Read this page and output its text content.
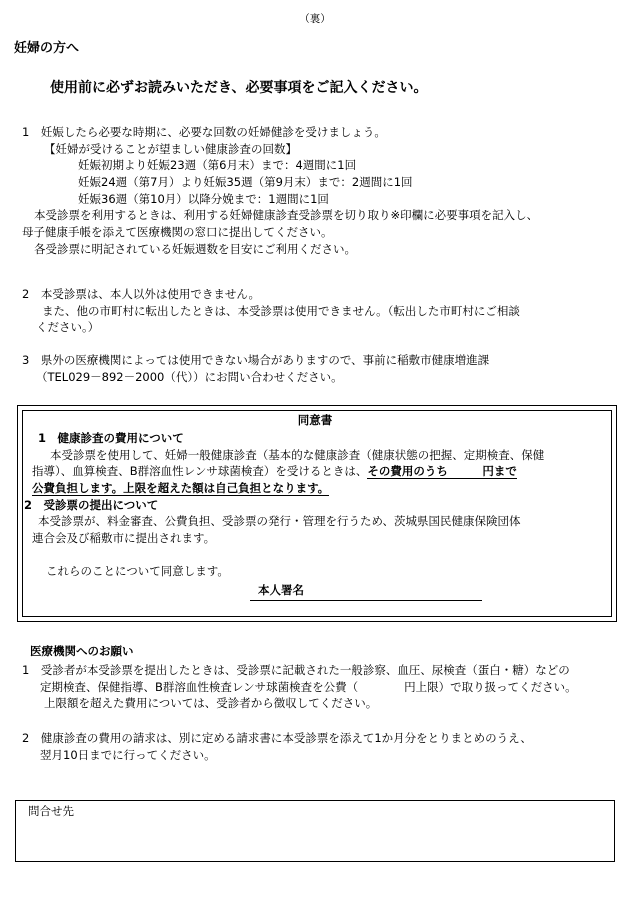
（裏）
妊婦の方へ
使用前に必ずお読みいただき、必要事項をご記入ください。

1　妊娠したら必要な時期に、必要な回数の妊婦健診を受けましょう。

【妊婦が受けることが望ましい健康診査の回数】

妊娠初期より妊娠23週（第6月末）まで：4週間に1回

妊娠24週（第7月）より妊娠35週（第9月末）まで：2週間に1回

妊娠36週（第10月）以降分娩まで：1週間に1回

本受診票を利用するときは、利用する妊婦健康診査受診票を切り取り※印欄に必要事項を記入し、

母子健康手帳を添えて医療機関の窓口に提出してください。

各受診票に明記されている妊娠週数を目安にご利用ください。

2　本受診票は、本人以外は使用できません。

また、他の市町村に転出したときは、本受診票は使用できません。（転出した市町村にご相談

ください。）

3　県外の医療機関によっては使用できない場合がありますので、事前に稲敷市健康増進課

（TEL029－892－2000（代））にお問い合わせください。

同意書

1　健康診査の費用について

本受診票を使用して、妊婦一般健康診査（基本的な健康診査（健康状態の把握、定期検査、保健

指導）、血算検査、B群溶血性レンサ球菌検査）を受けるときは、その費用のうち　　　円まで

公費負担します。上限を超えた額は自己負担となります。

2　受診票の提出について

本受診票が、料金審査、公費負担、受診票の発行・管理を行うため、茨城県国民健康保険団体

連合会及び稲敷市に提出されます。

これらのことについて同意します。

本人署名
医療機関へのお願い

1　受診者が本受診票を提出したときは、受診票に記載された一般診察、血圧、尿検査（蛋白・糖）などの

定期検査、保健指導、B群溶血性検査レンサ球菌検査を公費（　　　　円上限）で取り扱ってください。

上限額を超えた費用については、受診者から徴収してください。

2　健康診査の費用の請求は、別に定める請求書に本受診票を添えて1か月分をとりまとめのうえ、

翌月10日までに行ってください。

問合せ先
